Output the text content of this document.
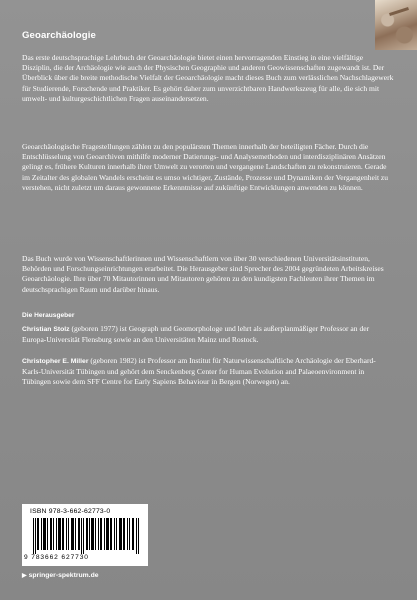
Geoarchäologie

Das erste deutschsprachige Lehrbuch der Geoarchäologie bietet einen hervorragenden Einstieg in eine vielfältige Disziplin, die der Archäologie wie auch der Physischen Geographie und anderen Geowissenschaften zugewandt ist. Der Überblick über die breite methodische Vielfalt der Geoarchäologie macht dieses Buch zum verlässlichen Nachschlagewerk für Studierende, Forschende und Praktiker. Es gehört daher zum unverzichtbaren Handwerkszeug für alle, die sich mit umwelt- und kulturgeschichtlichen Fragen auseinandersetzen.

Geoarchäologische Fragestellungen zählen zu den populärsten Themen innerhalb der beteiligten Fächer. Durch die Entschlüsselung von Geoarchiven mithilfe moderner Datierungs- und Analysemethoden und interdisziplinären Ansätzen gelingt es, frühere Kulturen innerhalb ihrer Umwelt zu verorten und vergangene Landschaften zu rekonstruieren. Gerade im Zeitalter des globalen Wandels erscheint es umso wichtiger, Zustände, Prozesse und Dynamiken der Vergangenheit zu verstehen, nicht zuletzt um daraus gewonnene Erkenntnisse auf zukünftige Entwicklungen anwenden zu können.

Das Buch wurde von Wissenschaftlerinnen und Wissenschaftlern von über 30 verschiedenen Universitätsinstituten, Behörden und Forschungseinrichtungen erarbeitet. Die Herausgeber sind Sprecher des 2004 gegründeten Arbeitskreises Geoarchäologie. Ihre über 70 Mitautorinnen und Mitautoren gehören zu den kundigsten Fachleuten ihrer Themen im deutschsprachigen Raum und darüber hinaus.

Die Herausgeber

Christian Stolz (geboren 1977) ist Geograph und Geomorphologe und lehrt als außerplanmäßiger Professor an der Europa-Universität Flensburg sowie an den Universitäten Mainz und Rostock.

Christopher E. Miller (geboren 1982) ist Professor am Institut für Naturwissenschaftliche Archäologie der Eberhard-Karls-Universität Tübingen und gehört dem Senckenberg Center for Human Evolution and Palaeoenvironment in Tübingen sowie dem SFF Centre for Early Sapiens Behaviour in Bergen (Norwegen) an.

ISBN 978-3-662-62773-0

9 783662 627730

▶ springer-spektrum.de
